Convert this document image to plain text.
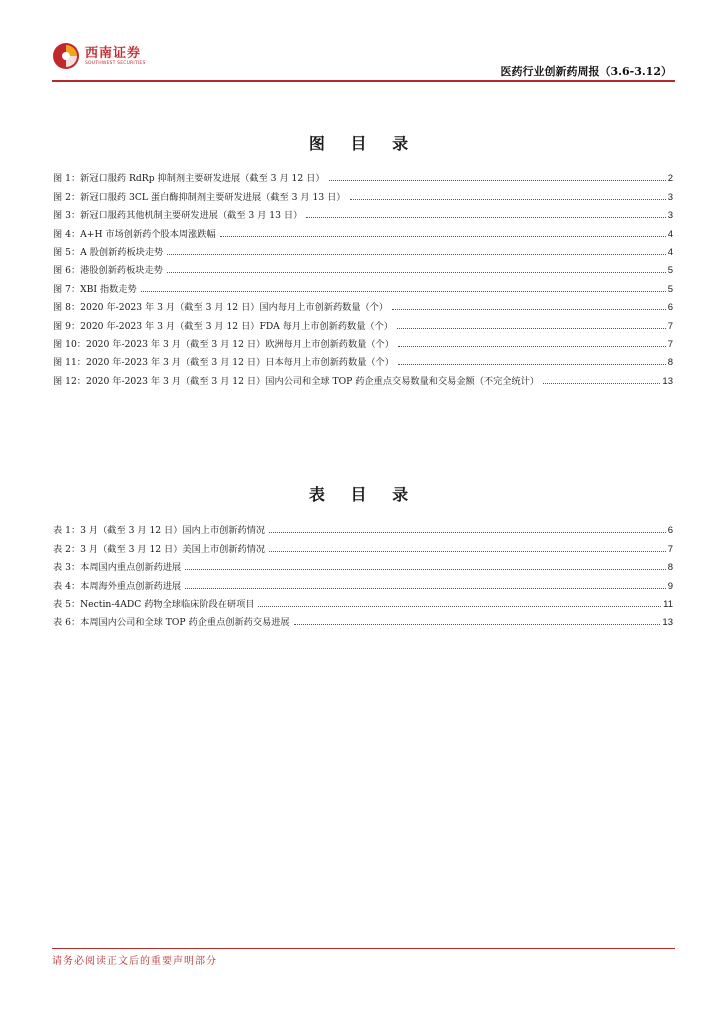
西南证券
SOUTHWEST SECURITIES
医药行业创新药周报（3.6-3.12）
图 目 录
图 1：新冠口服药 RdRp 抑制剂主要研发进展（截至 3 月 12 日）	2
图 2：新冠口服药 3CL 蛋白酶抑制剂主要研发进展（截至 3 月 13 日）	3
图 3：新冠口服药其他机制主要研发进展（截至 3 月 13 日）	3
图 4：A+H 市场创新药个股本周涨跌幅	4
图 5：A 股创新药板块走势	4
图 6：港股创新药板块走势	5
图 7：XBI 指数走势	5
图 8：2020 年-2023 年 3 月（截至 3 月 12 日）国内每月上市创新药数量（个）	6
图 9：2020 年-2023 年 3 月（截至 3 月 12 日）FDA 每月上市创新药数量（个）	7
图 10：2020 年-2023 年 3 月（截至 3 月 12 日）欧洲每月上市创新药数量（个）	7
图 11：2020 年-2023 年 3 月（截至 3 月 12 日）日本每月上市创新药数量（个）	8
图 12：2020 年-2023 年 3 月（截至 3 月 12 日）国内公司和全球 TOP 药企重点交易数量和交易金额（不完全统计）	13
表 目 录
表 1：3 月（截至 3 月 12 日）国内上市创新药情况	6
表 2：3 月（截至 3 月 12 日）美国上市创新药情况	7
表 3：本周国内重点创新药进展	8
表 4：本周海外重点创新药进展	9
表 5：Nectin-4ADC 药物全球临床阶段在研项目	11
表 6：本周国内公司和全球 TOP 药企重点创新药交易进展	13
请务必阅读正文后的重要声明部分
